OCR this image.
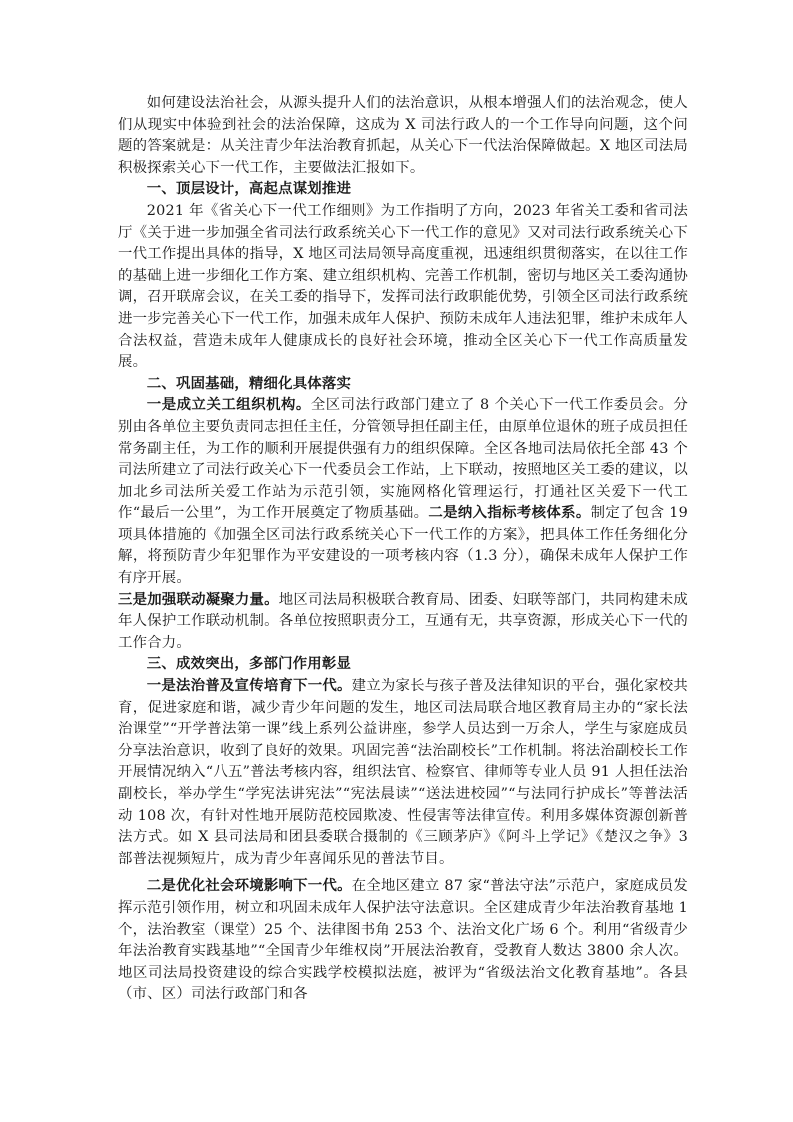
如何建设法治社会，从源头提升人们的法治意识，从根本增强人们的法治观念，使人们从现实中体验到社会的法治保障，这成为 X 司法行政人的一个工作导向问题，这个问题的答案就是：从关注青少年法治教育抓起，从关心下一代法治保障做起。X 地区司法局积极探索关心下一代工作，主要做法汇报如下。

一、顶层设计，高起点谋划推进

2021 年《省关心下一代工作细则》为工作指明了方向，2023 年省关工委和省司法厅《关于进一步加强全省司法行政系统关心下一代工作的意见》又对司法行政系统关心下一代工作提出具体的指导，X 地区司法局领导高度重视，迅速组织贯彻落实，在以往工作的基础上进一步细化工作方案、建立组织机构、完善工作机制，密切与地区关工委沟通协调，召开联席会议，在关工委的指导下，发挥司法行政职能优势，引领全区司法行政系统进一步完善关心下一代工作，加强未成年人保护、预防未成年人违法犯罪，维护未成年人合法权益，营造未成年人健康成长的良好社会环境，推动全区关心下一代工作高质量发展。

二、巩固基础，精细化具体落实

一是成立关工组织机构。全区司法行政部门建立了 8 个关心下一代工作委员会。分别由各单位主要负责同志担任主任，分管领导担任副主任，由原单位退休的班子成员担任常务副主任，为工作的顺利开展提供强有力的组织保障。全区各地司法局依托全部 43 个司法所建立了司法行政关心下一代委员会工作站，上下联动，按照地区关工委的建议，以加北乡司法所关爱工作站为示范引领，实施网格化管理运行，打通社区关爱下一代工作“最后一公里”，为工作开展奠定了物质基础。二是纳入指标考核体系。制定了包含 19 项具体措施的《加强全区司法行政系统关心下一代工作的方案》，把具体工作任务细化分解，将预防青少年犯罪作为平安建设的一项考核内容（1.3 分），确保未成年人保护工作有序开展。

三是加强联动凝聚力量。地区司法局积极联合教育局、团委、妇联等部门，共同构建未成年人保护工作联动机制。各单位按照职责分工，互通有无，共享资源，形成关心下一代的工作合力。

三、成效突出，多部门作用彰显

一是法治普及宣传培育下一代。建立为家长与孩子普及法律知识的平台，强化家校共育，促进家庭和谐，减少青少年问题的发生，地区司法局联合地区教育局主办的“家长法治课堂”“开学普法第一课”线上系列公益讲座，参学人员达到一万余人，学生与家庭成员分享法治意识，收到了良好的效果。巩固完善“法治副校长”工作机制。将法治副校长工作开展情况纳入“八五”普法考核内容，组织法官、检察官、律师等专业人员 91 人担任法治副校长，举办学生“学宪法讲宪法”“宪法晨读”“送法进校园”“与法同行护成长”等普法活动 108 次，有针对性地开展防范校园欺凌、性侵害等法律宣传。利用多媒体资源创新普法方式。如 X 县司法局和团县委联合摄制的《三顾茅庐》《阿斗上学记》《楚汉之争》3 部普法视频短片，成为青少年喜闻乐见的普法节目。

二是优化社会环境影响下一代。在全地区建立 87 家“普法守法”示范户，家庭成员发挥示范引领作用，树立和巩固未成年人保护法守法意识。全区建成青少年法治教育基地 1 个，法治教室（课堂）25 个、法律图书角 253 个、法治文化广场 6 个。利用“省级青少年法治教育实践基地”“全国青少年维权岗”开展法治教育，受教育人数达 3800 余人次。地区司法局投资建设的综合实践学校模拟法庭，被评为“省级法治文化教育基地”。各县（市、区）司法行政部门和各
